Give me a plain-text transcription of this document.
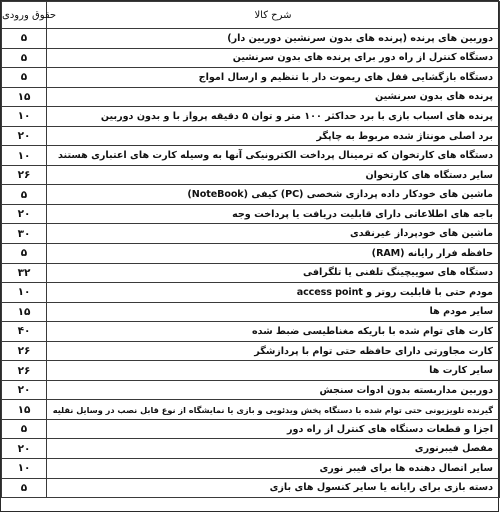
حقوق ورودی	شرح کالا
۵	دوربین های پرنده (پرنده های بدون سرنشین دوربین دار)
۵	دستگاه کنترل از راه دور برای پرنده های بدون سرنشین
۵	دستگاه بازگشایی قفل های ریموت دار با تنظیم و ارسال امواج
۱۵	پرنده های بدون سرنشین
۱۰	پرنده های اسباب بازی با برد حداکثر ۱۰۰ متر و توان ۵ دقیقه پرواز با و بدون دوربین
۲۰	برد اصلی مونتاژ شده مربوط به چاپگر
۱۰	دستگاه های کارتخوان که ترمینال پرداخت الکترونیکی آنها به وسیله کارت های اعتباری هستند
۲۶	سایر دستگاه های کارتخوان
۵	ماشین های خودکار داده پردازی شخصی (PC) کیفی (NoteBook)
۲۰	باجه های اطلاعاتی دارای قابلیت دریافت یا پرداخت وجه
۳۰	ماشین های خودپرداز غیرنقدی
۵	حافظه فرار رایانه (RAM)
۳۲	دستگاه های سوییچینگ تلفنی یا تلگرافی
۱۰	مودم حتی با قابلیت روتر و access point
۱۵	سایر مودم ها
۴۰	کارت های توام شده با باریکه مغناطیسی ضبط شده
۲۶	کارت مجاورتی دارای حافظه حتی توام با پردازشگر
۲۶	سایر کارت ها
۲۰	دوربین مداربسته بدون ادوات سنجش
۱۵	گیرنده تلویزیونی حتی توام شده با دستگاه پخش ویدئویی و بازی یا نمایشگاه از نوع قابل نصب در وسایل نقلیه
۵	اجزا و قطعات دستگاه های کنترل از راه دور
۲۰	مفصل فیبرنوری
۱۰	سایر اتصال دهنده ها برای فیبر نوری
۵	دسته بازی برای رایانه یا سایر کنسول های بازی
